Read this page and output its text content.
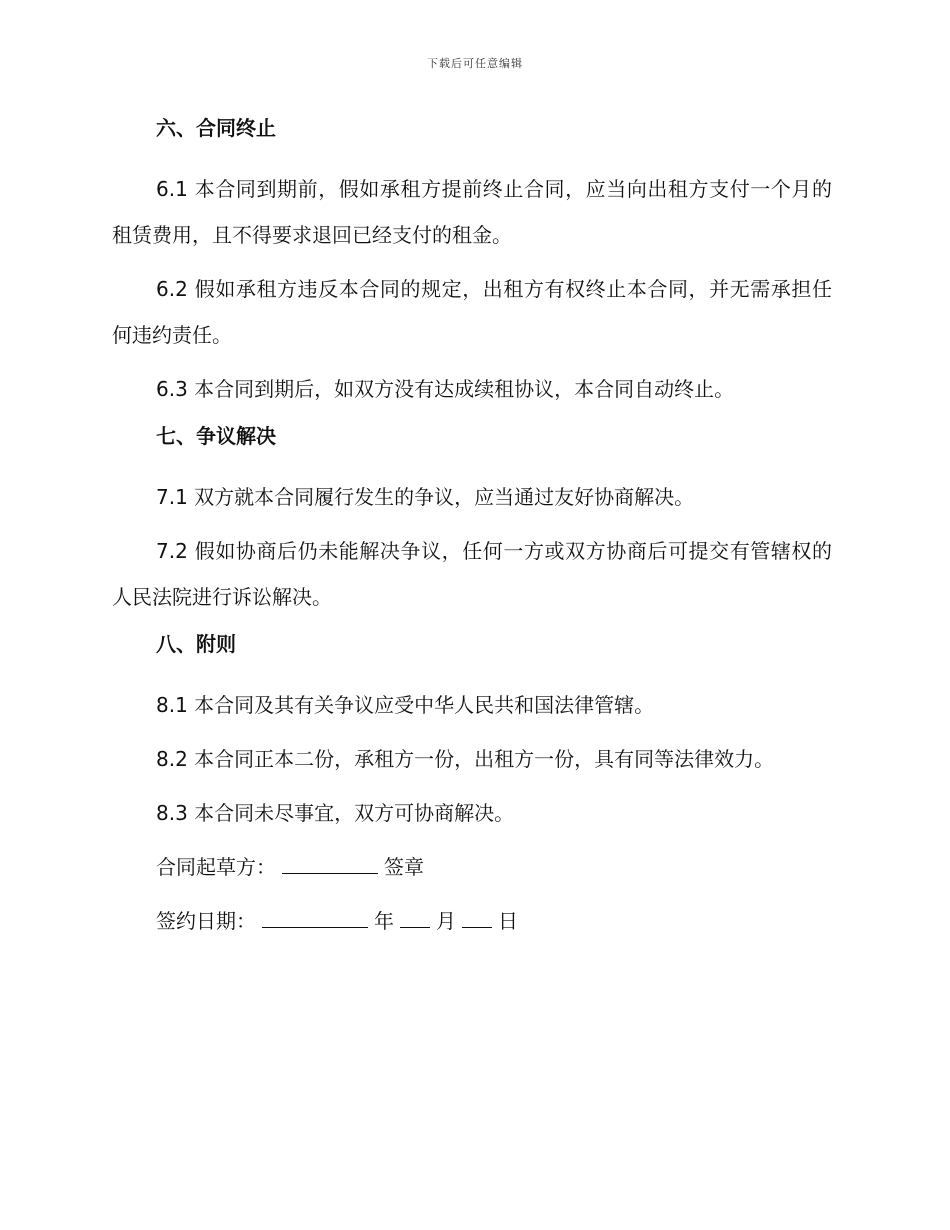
下载后可任意编辑

六、合同终止

6.1 本合同到期前，假如承租方提前终止合同，应当向出租方支付一个月的租赁费用，且不得要求退回已经支付的租金。

6.2 假如承租方违反本合同的规定，出租方有权终止本合同，并无需承担任何违约责任。

6.3 本合同到期后，如双方没有达成续租协议，本合同自动终止。

七、争议解决

7.1 双方就本合同履行发生的争议，应当通过友好协商解决。

7.2 假如协商后仍未能解决争议，任何一方或双方协商后可提交有管辖权的人民法院进行诉讼解决。

八、附则

8.1 本合同及其有关争议应受中华人民共和国法律管辖。

8.2 本合同正本二份，承租方一份，出租方一份，具有同等法律效力。

8.3 本合同未尽事宜，双方可协商解决。

合同起草方：	签章
签约日期：	年 月 日
